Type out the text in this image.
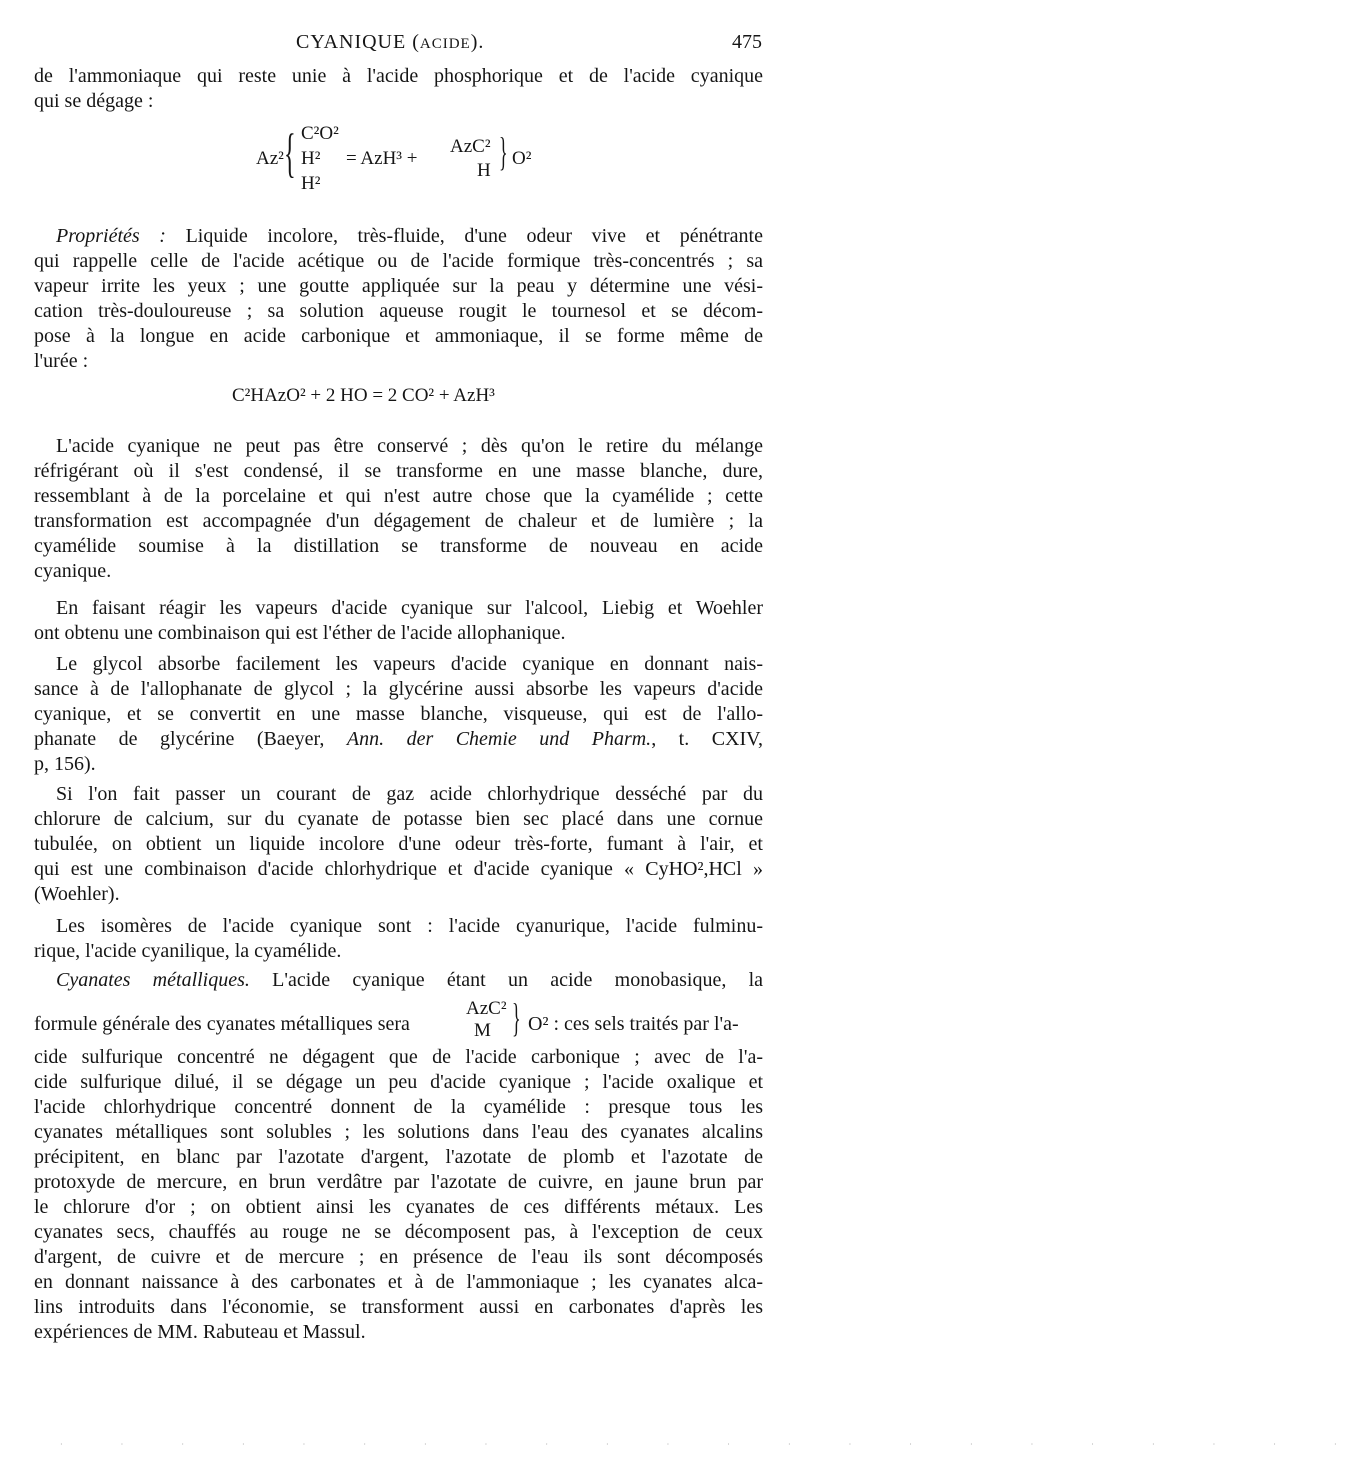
CYANIQUE (ACIDE).	475
de l'ammoniaque qui reste unie à l'acide phosphorique et de l'acide cyanique
qui se dégage :
Az² { C²O²
H²
H²
= AzH³ +
AzC²
H } O²
Propriétés : Liquide incolore, très-fluide, d'une odeur vive et pénétrante
qui rappelle celle de l'acide acétique ou de l'acide formique très-concentrés ; sa
vapeur irrite les yeux ; une goutte appliquée sur la peau y détermine une vési-
cation très-douloureuse ; sa solution aqueuse rougit le tournesol et se décom-
pose à la longue en acide carbonique et ammoniaque, il se forme même de
l'urée :
C²HAzO² + 2 HO = 2 CO² + AzH³
L'acide cyanique ne peut pas être conservé ; dès qu'on le retire du mélange
réfrigérant où il s'est condensé, il se transforme en une masse blanche, dure,
ressemblant à de la porcelaine et qui n'est autre chose que la cyamélide ; cette
transformation est accompagnée d'un dégagement de chaleur et de lumière ; la
cyamélide soumise à la distillation se transforme de nouveau en acide
cyanique.
En faisant réagir les vapeurs d'acide cyanique sur l'alcool, Liebig et Woehler
ont obtenu une combinaison qui est l'éther de l'acide allophanique.
Le glycol absorbe facilement les vapeurs d'acide cyanique en donnant nais-
sance à de l'allophanate de glycol ; la glycérine aussi absorbe les vapeurs d'acide
cyanique, et se convertit en une masse blanche, visqueuse, qui est de l'allo-
phanate de glycérine (Baeyer, Ann. der Chemie und Pharm., t. CXIV,
p, 156).
Si l'on fait passer un courant de gaz acide chlorhydrique desséché par du
chlorure de calcium, sur du cyanate de potasse bien sec placé dans une cornue
tubulée, on obtient un liquide incolore d'une odeur très-forte, fumant à l'air, et
qui est une combinaison d'acide chlorhydrique et d'acide cyanique « CyHO²,HCl »
(Woehler).
Les isomères de l'acide cyanique sont : l'acide cyanurique, l'acide fulminu-
rique, l'acide cyanilique, la cyamélide.
Cyanates métalliques. L'acide cyanique étant un acide monobasique, la
formule générale des cyanates métalliques sera
AzC²
M } O² : ces sels traités par l'a-
cide sulfurique concentré ne dégagent que de l'acide carbonique ; avec de l'a-
cide sulfurique dilué, il se dégage un peu d'acide cyanique ; l'acide oxalique et
l'acide chlorhydrique concentré donnent de la cyamélide : presque tous les
cyanates métalliques sont solubles ; les solutions dans l'eau des cyanates alcalins
précipitent, en blanc par l'azotate d'argent, l'azotate de plomb et l'azotate de
protoxyde de mercure, en brun verdâtre par l'azotate de cuivre, en jaune brun par
le chlorure d'or ; on obtient ainsi les cyanates de ces différents métaux. Les
cyanates secs, chauffés au rouge ne se décomposent pas, à l'exception de ceux
d'argent, de cuivre et de mercure ; en présence de l'eau ils sont décomposés
en donnant naissance à des carbonates et à de l'ammoniaque ; les cyanates alca-
lins introduits dans l'économie, se transforment aussi en carbonates d'après les
expériences de MM. Rabuteau et Massul.
· · · · · · · · · · · · · · · · · · · · · ·
